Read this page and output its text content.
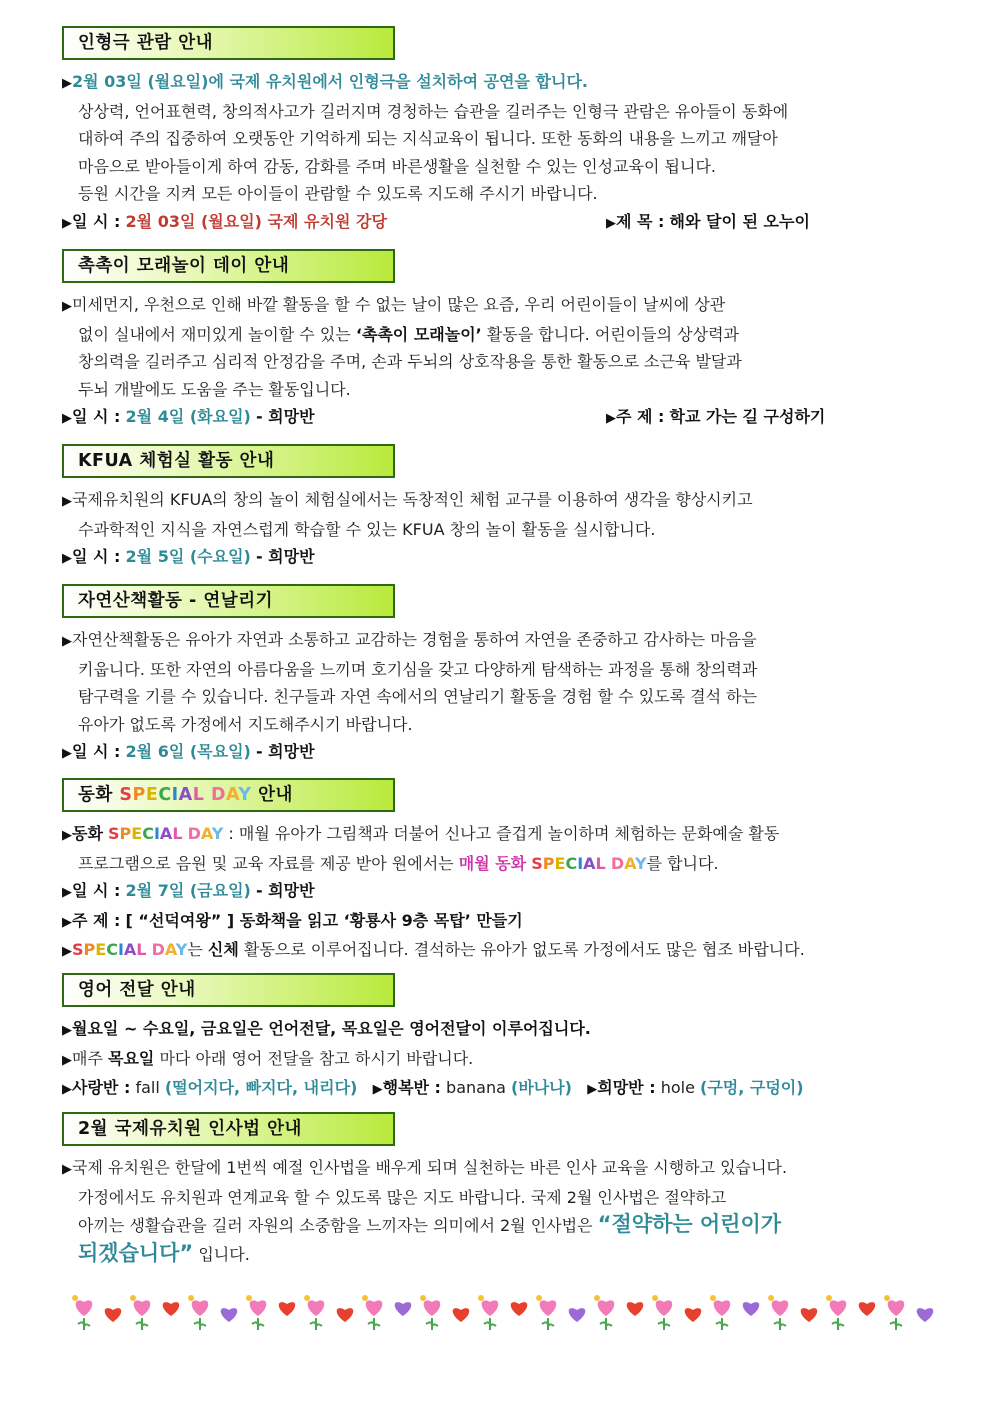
인형극 관람 안내
▶2월 03일 (월요일)에 국제 유치원에서 인형극을 설치하여 공연을 합니다.
상상력, 언어표현력, 창의적사고가 길러지며 경청하는 습관을 길러주는 인형극 관람은 유아들이 동화에
대하여 주의 집중하여 오랫동안 기억하게 되는 지식교육이 됩니다. 또한 동화의 내용을 느끼고 깨달아
마음으로 받아들이게 하여 감동, 감화를 주며 바른생활을 실천할 수 있는 인성교육이 됩니다.
등원 시간을 지켜 모든 아이들이 관람할 수 있도록 지도해 주시기 바랍니다.
▶일 시 : 2월 03일 (월요일) 국제 유치원 강당	▶제 목 : 해와 달이 된 오누이
촉촉이 모래놀이 데이 안내
▶미세먼지, 우천으로 인해 바깥 활동을 할 수 없는 날이 많은 요즘, 우리 어린이들이 날씨에 상관
없이 실내에서 재미있게 놀이할 수 있는 ‘촉촉이 모래놀이’ 활동을 합니다. 어린이들의 상상력과
창의력을 길러주고 심리적 안정감을 주며, 손과 두뇌의 상호작용을 통한 활동으로 소근육 발달과
두뇌 개발에도 도움을 주는 활동입니다.
▶일 시 : 2월 4일 (화요일) - 희망반	▶주 제 : 학교 가는 길 구성하기
KFUA 체험실 활동 안내
▶국제유치원의 KFUA의 창의 놀이 체험실에서는 독창적인 체험 교구를 이용하여 생각을 향상시키고
수과학적인 지식을 자연스럽게 학습할 수 있는 KFUA 창의 놀이 활동을 실시합니다.
▶일 시 : 2월 5일 (수요일) - 희망반
자연산책활동 - 연날리기
▶자연산책활동은 유아가 자연과 소통하고 교감하는 경험을 통하여 자연을 존중하고 감사하는 마음을
키웁니다. 또한 자연의 아름다움을 느끼며 호기심을 갖고 다양하게 탐색하는 과정을 통해 창의력과
탐구력을 기를 수 있습니다. 친구들과 자연 속에서의 연날리기 활동을 경험 할 수 있도록 결석 하는
유아가 없도록 가정에서 지도해주시기 바랍니다.
▶일 시 : 2월 6일 (목요일) - 희망반
동화 SPECIAL DAY 안내
▶동화 SPECIAL DAY : 매월 유아가 그림책과 더불어 신나고 즐겁게 놀이하며 체험하는 문화예술 활동
프로그램으로 음원 및 교육 자료를 제공 받아 원에서는 매월 동화 SPECIAL DAY를 합니다.
▶일 시 : 2월 7일 (금요일) - 희망반
▶주 제 : [ “선덕여왕” ] 동화책을 읽고 ‘황룡사 9층 목탑’ 만들기
▶SPECIAL DAY는 신체 활동으로 이루어집니다. 결석하는 유아가 없도록 가정에서도 많은 협조 바랍니다.
영어 전달 안내
▶월요일 ~ 수요일, 금요일은 언어전달, 목요일은 영어전달이 이루어집니다.
▶매주 목요일 마다 아래 영어 전달을 참고 하시기 바랍니다.
▶사랑반 : fall (떨어지다, 빠지다, 내리다) ▶행복반 : banana (바나나) ▶희망반 : hole (구멍, 구덩이)
2월 국제유치원 인사법 안내
▶국제 유치원은 한달에 1번씩 예절 인사법을 배우게 되며 실천하는 바른 인사 교육을 시행하고 있습니다.
가정에서도 유치원과 연계교육 할 수 있도록 많은 지도 바랍니다. 국제 2월 인사법은 절약하고
아끼는 생활습관을 길러 자원의 소중함을 느끼자는 의미에서 2월 인사법은 “절약하는 어린이가
되겠습니다” 입니다.
